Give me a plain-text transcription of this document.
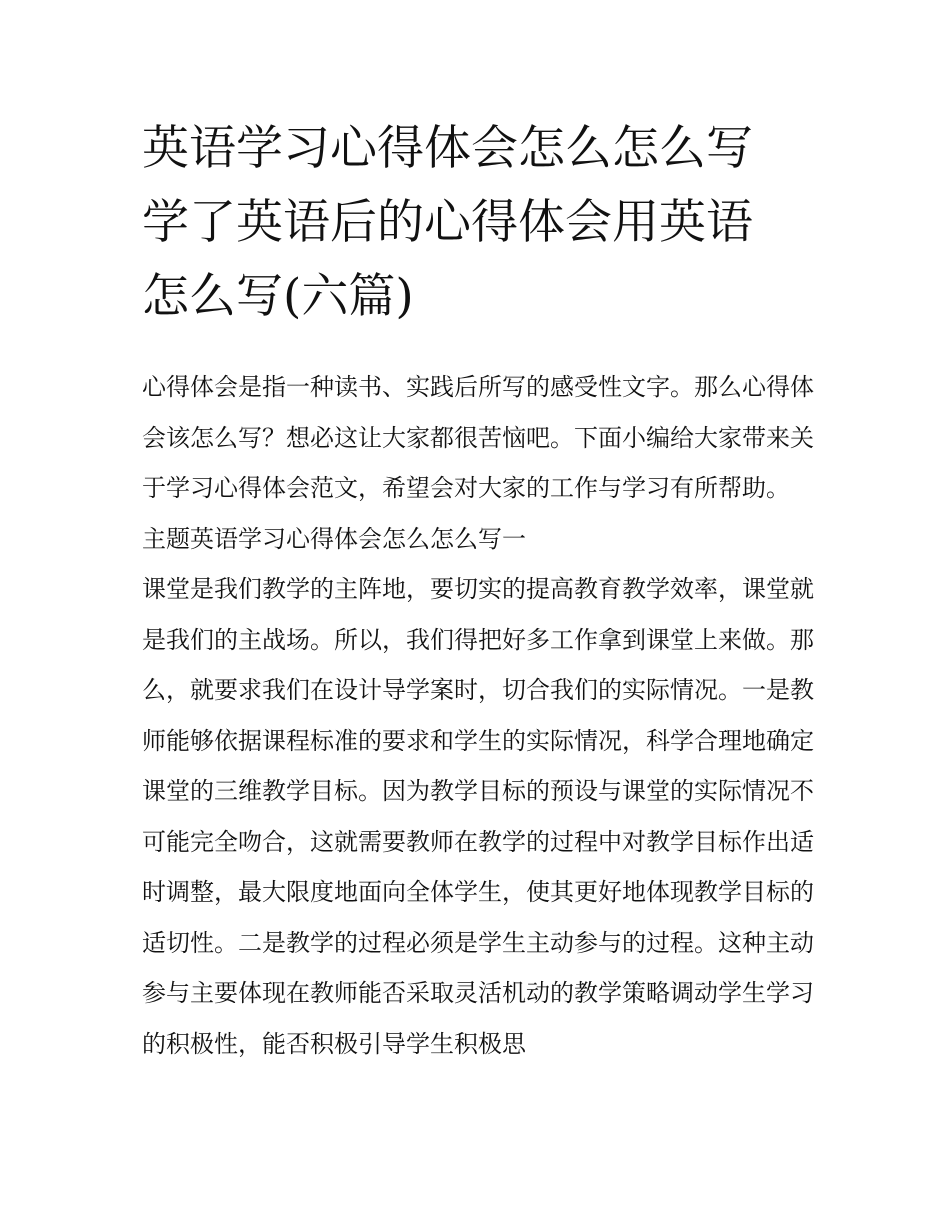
英语学习心得体会怎么怎么写
学了英语后的心得体会用英语
怎么写(六篇)

心得体会是指一种读书、实践后所写的感受性文字。那么心得体会该怎么写？想必这让大家都很苦恼吧。下面小编给大家带来关于学习心得体会范文，希望会对大家的工作与学习有所帮助。

主题英语学习心得体会怎么怎么写一

课堂是我们教学的主阵地，要切实的提高教育教学效率，课堂就是我们的主战场。所以，我们得把好多工作拿到课堂上来做。那么，就要求我们在设计导学案时，切合我们的实际情况。一是教师能够依据课程标准的要求和学生的实际情况，科学合理地确定课堂的三维教学目标。因为教学目标的预设与课堂的实际情况不可能完全吻合，这就需要教师在教学的过程中对教学目标作出适时调整，最大限度地面向全体学生，使其更好地体现教学目标的适切性。二是教学的过程必须是学生主动参与的过程。这种主动参与主要体现在教师能否采取灵活机动的教学策略调动学生学习的积极性，能否积极引导学生积极思
